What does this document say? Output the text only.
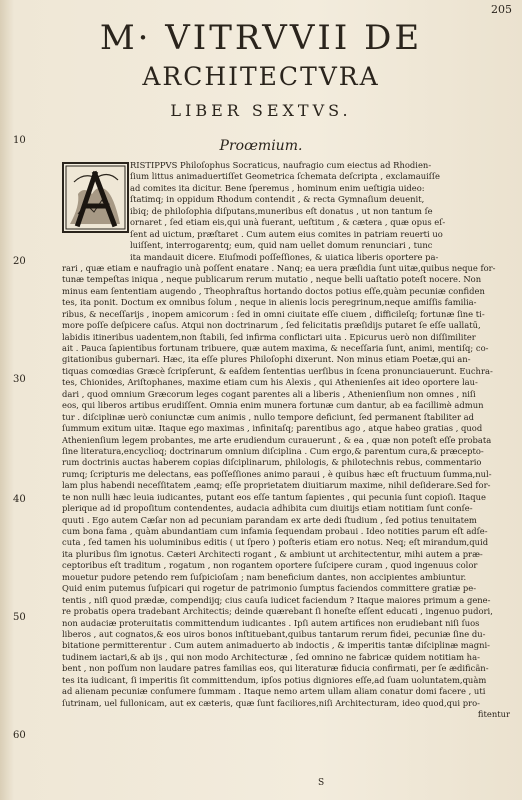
205
M· VITRVVII DE
ARCHITECTVRA
LIBER SEXTVS.
Proœmium.
10
20
30
40
50
60
RISTIPPVS Philoſophus Socraticus, naufragio cum eiectus ad Rhodien-
ſium littus animaduertiſſet Geometrica ſchemata deſcripta , exclamauiſſe
ad comites ita dicitur. Bene ſperemus , hominum enim ueſtigia uideo:
ſtatimq; in oppidum Rhodum contendit , & recta Gymnaſium deuenit,
ibiq; de philoſophia diſputans,muneribus eſt donatus , ut non tantum ſe
ornaret , ſed etiam eis,qui unà fuerant, ueſtitum , & cætera , quæ opus eſ-
ſent ad uictum, præſtaret . Cum autem eius comites in patriam reuerti uo
luiſſent, interrogarentq; eum, quid nam uellet domum renunciari , tunc
ita mandauit dicere. Eiuſmodi poſſeſſiones, & uiatica liberis oportere pa-
rari , quæ etiam e naufragio unà poſſent enatare . Nanq; ea uera præſidia ſunt uitæ,quibus neque for-
tunæ tempeſtas iniqua , neque publicarum rerum mutatio , neque belli uaſtatio poteſt nocere. Non
minus eam ſententiam augendo , Theophraſtus hortando doctos potius eſſe,quàm pecuniæ confiden
tes, ita ponit. Doctum ex omnibus ſolum , neque in alienis locis peregrinum,neque amiſſis familia-
ribus, & neceſſarijs , inopem amicorum : ſed in omni ciuitate eſſe ciuem , difficileſq; fortunæ ſine ti-
more poſſe deſpicere caſus. Atqui non doctrinarum , ſed felicitatis præſidijs putaret ſe eſſe uallatū,
labidis itineribus uadentem,non ſtabili, ſed infirma conflictari uita . Epicurus uerò non diſſimiliter
ait . Pauca ſapientibus fortunam tribuere, quæ autem maxima, & neceſſaria ſunt, animi, mentiſq; co-
gitationibus gubernari. Hæc, ita eſſe plures Philoſophi dixerunt. Non minus etiam Poetæ,qui an-
tiquas comœdias Græcè ſcripſerunt, & eaſdem ſententias uerſibus in ſcena pronunciauerunt. Euchra-
tes, Chionides, Ariſtophanes, maxime etiam cum his Alexis , qui Athenienſes ait ideo oportere lau-
dari , quod omnium Græcorum leges cogant parentes ali a liberis , Athenienſium non omnes , niſi
eos, qui liberos artibus erudiſſent. Omnia enim munera fortunæ cum dantur, ab ea facillimè admun
tur . diſciplinæ uerò coniunctæ cum animis , nullo tempore deficiunt, ſed permanent ſtabiliter ad
ſummum exitum uitæ. Itaque ego maximas , infinitaſq; parentibus ago , atque habeo gratias , quod
Athenienſium legem probantes, me arte erudiendum curauerunt , & ea , quæ non poteſt eſſe probata
ſine literatura,encyclioq; doctrinarum omnium diſciplina . Cum ergo,& parentum cura,& præcepto-
rum doctrinis auctas haberem copias diſciplinarum, philologis, & philotechnis rebus, commentario
rumq; ſcripturis me delectans, eas poſſeſſiones animo paraui , è quibus hæc eſt fructuum ſumma,nul-
lam plus habendi neceſſitatem ,eamq; eſſe proprietatem diuitiarum maxime, nihil deſiderare.Sed for-
te non nulli hæc leuia iudicantes, putant eos eſſe tantum ſapientes , qui pecunia ſunt copioſi. Itaque
plerique ad id propoſitum contendentes, audacia adhibita cum diuitijs etiam notitiam ſunt conſe-
quuti . Ego autem Cæſar non ad pecuniam parandam ex arte dedi ſtudium , ſed potius tenuitatem
cum bona fama , quàm abundantiam cum infamia ſequendam probaui . Ideo notities parum eſt adſe-
cuta , ſed tamen his uoluminibus editis ( ut ſpero ) poſteris etiam ero notus. Neq; eſt mirandum,quid
ita pluribus ſim ignotus. Cæteri Architecti rogant , & ambiunt ut architectentur, mihi autem a præ-
ceptoribus eſt traditum , rogatum , non rogantem oportere ſuſcipere curam , quod ingenuus color
mouetur pudore petendo rem ſuſpicioſam ; nam beneficium dantes, non accipientes ambiuntur.
Quid enim putemus ſuſpicari qui rogetur de patrimonio ſumptus faciendos committere gratiæ pe-
tentis , niſi quod prædæ, compendijq; cius cauſa iudicet faciendum ? Itaque maiores primum a gene-
re probatis opera tradebant Architectis; deinde quærebant ſi honeſte eſſent educati , ingenuo pudori,
non audaciæ proteruitatis committendum iudicantes . Ipſi autem artifices non erudiebant niſi ſuos
liberos , aut cognatos,& eos uiros bonos inſtituebant,quibus tantarum rerum fidei, pecuniæ ſine du-
bitatione permitterentur . Cum autem animaduerto ab indoctis , & imperitis tantæ diſciplinæ magni-
tudinem iactari,& ab ijs , qui non modo Architecturæ , ſed omnino ne fabricæ quidem notitiam ha-
bent , non poſſum non laudare patres familias eos, qui literaturæ fiducia confirmati, per ſe ædificãn-
tes ita iudicant, ſi imperitis ſit committendum, ipſos potius digniores eſſe,ad ſuam uoluntatem,quàm
ad alienam pecuniæ conſumere ſummam . Itaque nemo artem ullam aliam conatur domi facere , uti
ſutrinam, uel fullonicam, aut ex cæteris, quæ ſunt faciliores,niſi Architecturam, ideo quod,qui pro-
fitentur
S
